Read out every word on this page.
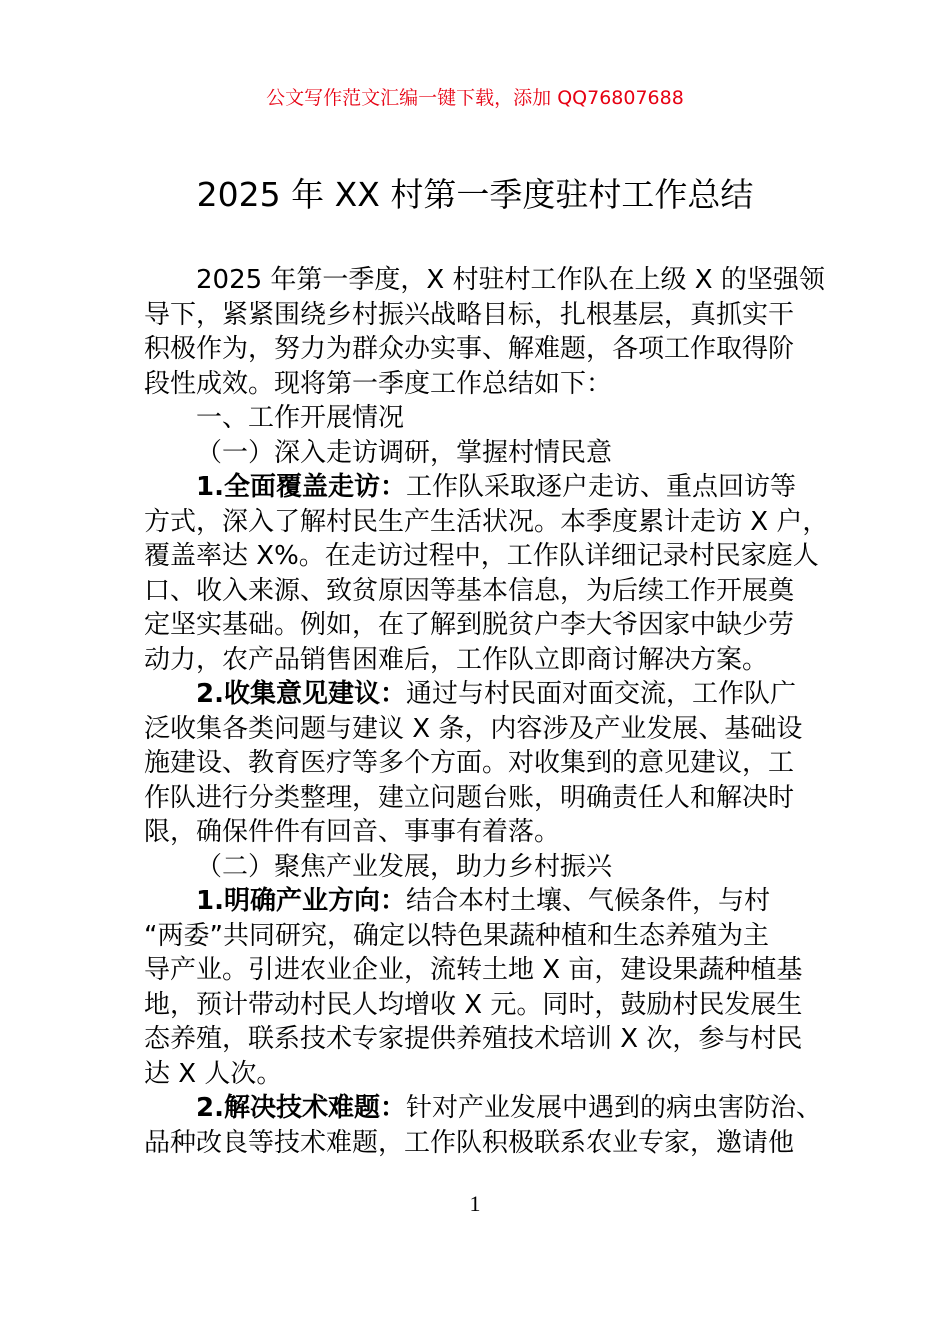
公文写作范文汇编一键下载，添加 QQ76807688
2025 年 XX 村第一季度驻村工作总结
2025 年第一季度，X 村驻村工作队在上级 X 的坚强领
导下，紧紧围绕乡村振兴战略目标，扎根基层，真抓实干
积极作为，努力为群众办实事、解难题，各项工作取得阶
段性成效。现将第一季度工作总结如下：
一、工作开展情况
（一）深入走访调研，掌握村情民意
1.全面覆盖走访：工作队采取逐户走访、重点回访等
方式，深入了解村民生产生活状况。本季度累计走访 X 户，
覆盖率达 X%。在走访过程中，工作队详细记录村民家庭人
口、收入来源、致贫原因等基本信息，为后续工作开展奠
定坚实基础。例如，在了解到脱贫户李大爷因家中缺少劳
动力，农产品销售困难后，工作队立即商讨解决方案。
2.收集意见建议：通过与村民面对面交流，工作队广
泛收集各类问题与建议 X 条，内容涉及产业发展、基础设
施建设、教育医疗等多个方面。对收集到的意见建议，工
作队进行分类整理，建立问题台账，明确责任人和解决时
限，确保件件有回音、事事有着落。
（二）聚焦产业发展，助力乡村振兴
1.明确产业方向：结合本村土壤、气候条件，与村
“两委”共同研究，确定以特色果蔬种植和生态养殖为主
导产业。引进农业企业，流转土地 X 亩，建设果蔬种植基
地，预计带动村民人均增收 X 元。同时，鼓励村民发展生
态养殖，联系技术专家提供养殖技术培训 X 次，参与村民
达 X 人次。
2.解决技术难题：针对产业发展中遇到的病虫害防治、
品种改良等技术难题，工作队积极联系农业专家，邀请他
1
